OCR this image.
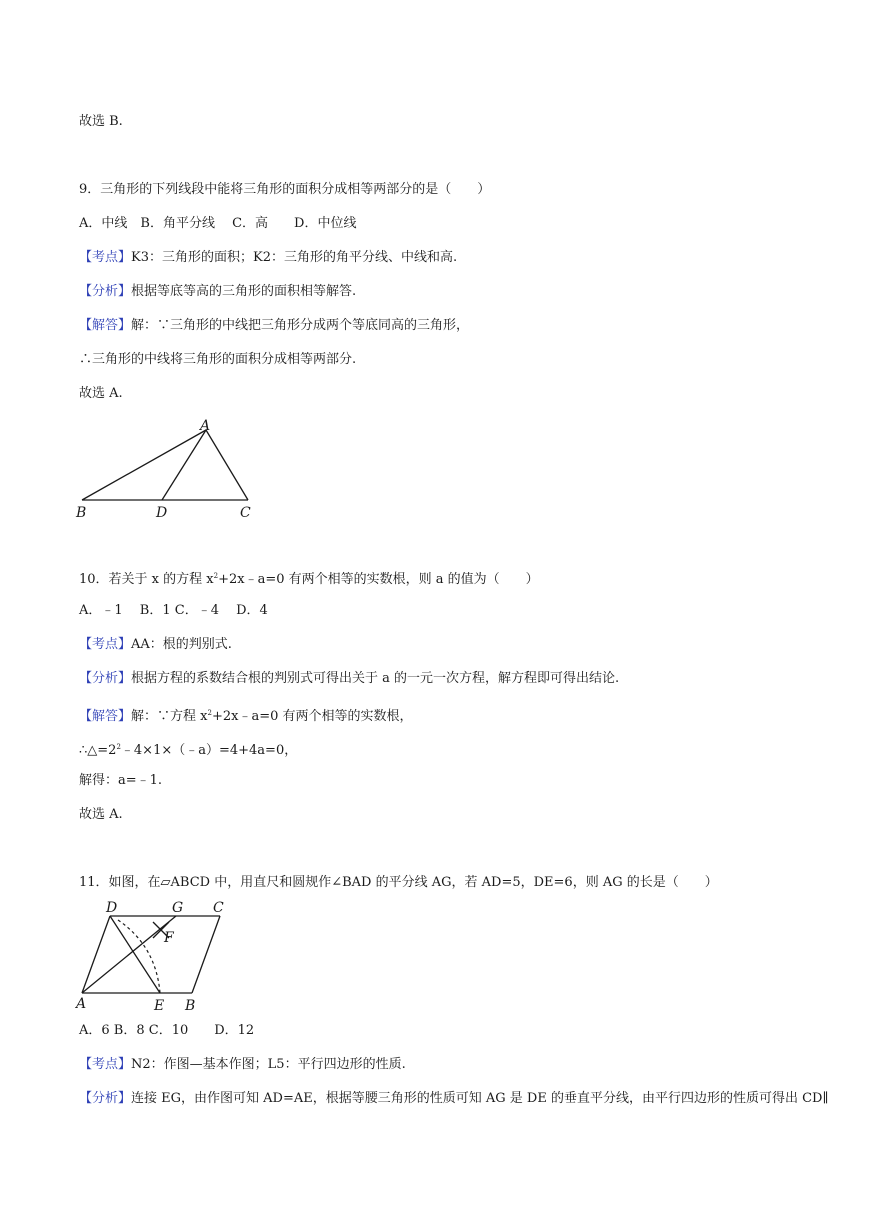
故选 B.
9．三角形的下列线段中能将三角形的面积分成相等两部分的是（　　）
A．中线　B．角平分线　 C．高　　D．中位线
【考点】K3：三角形的面积；K2：三角形的角平分线、中线和高.
【分析】根据等底等高的三角形的面积相等解答.
【解答】解：∵三角形的中线把三角形分成两个等底同高的三角形，
∴三角形的中线将三角形的面积分成相等两部分.
故选 A.
A
B	D	C
10．若关于 x 的方程 $x^2+2x﹣a=0$ 有两个相等的实数根，则 a 的值为（　　）
A．﹣1　 B．1 C．﹣4　 D．4
【考点】AA：根的判别式.
【分析】根据方程的系数结合根的判别式可得出关于 a 的一元一次方程，解方程即可得出结论.
【解答】解：∵方程 $x^2+2x﹣a=0$ 有两个相等的实数根，
$\therefore\triangle=2^2﹣4\times 1\times(﹣a)=4+4a=0$，
解得：a=﹣1.
故选 A.
11．如图，在▱ABCD 中，用直尺和圆规作∠BAD 的平分线 AG，若 AD=5，DE=6，则 AG 的长是（　　）
D	G C
F
A	E B
A．6 B．8 C．10　　D．12
【考点】N2：作图—基本作图；L5：平行四边形的性质.
【分析】连接 EG，由作图可知 AD=AE，根据等腰三角形的性质可知 AG 是 DE 的垂直平分线，由平行四边形的性质可得出 CD∥
